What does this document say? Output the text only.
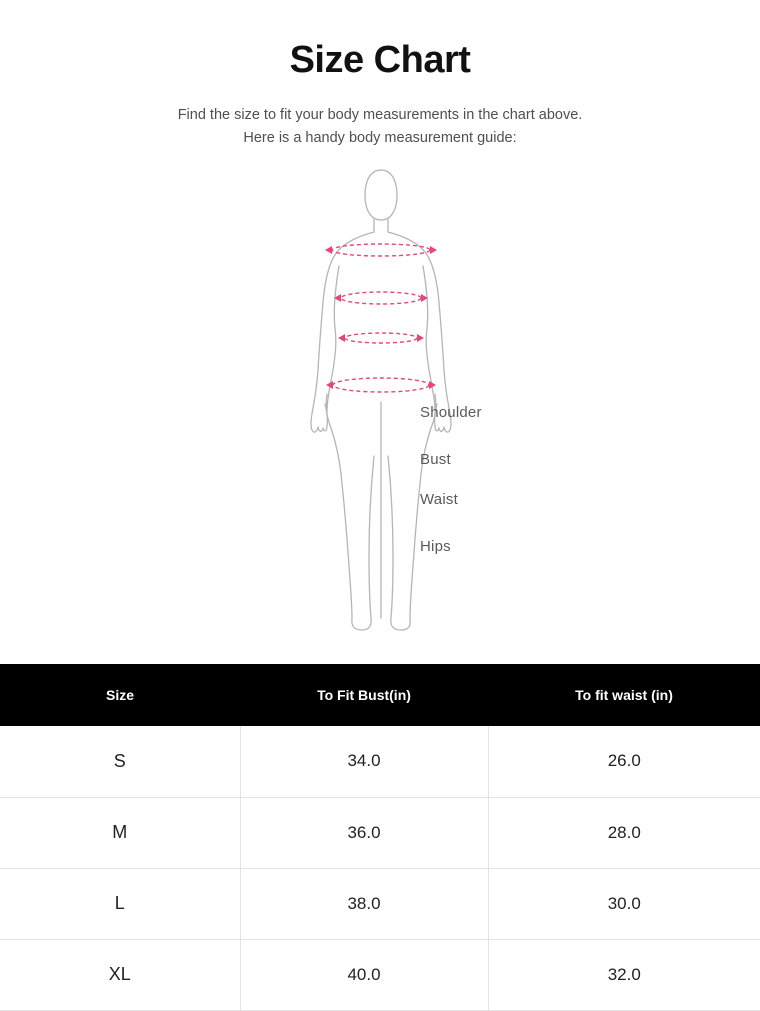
Size Chart

Find the size to fit your body measurements in the chart above.
Here is a handy body measurement guide:

Shoulder
Bust
Waist
Hips
Size	To Fit Bust(in)	To fit waist (in)
S	34.0	26.0
M	36.0	28.0
L	38.0	30.0
XL	40.0	32.0
